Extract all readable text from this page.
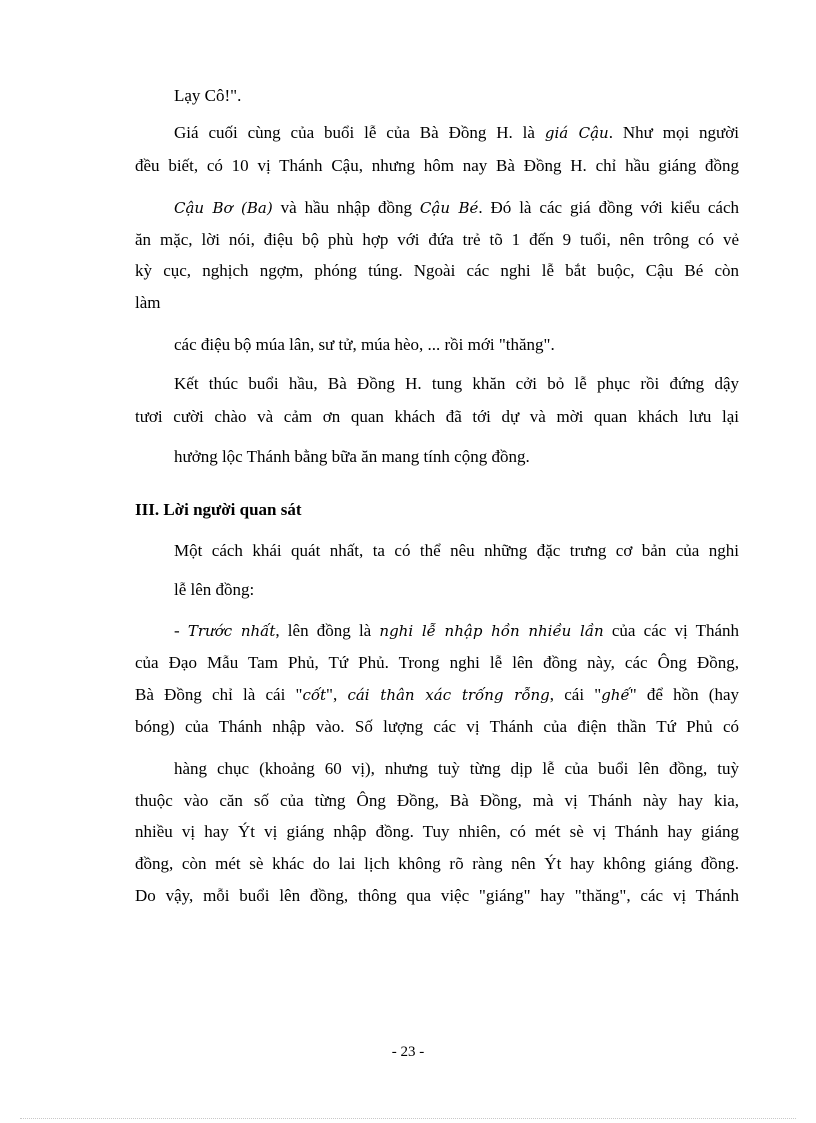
Lạy Cô!".
Giá cuối cùng của buổi lễ của Bà Đồng H. là giá Cậu. Như mọi người
đều biết, có 10 vị Thánh Cậu, nhưng hôm nay Bà Đồng H. chỉ hầu giáng đồng
Cậu Bơ (Ba) và hầu nhập đồng Cậu Bé. Đó là các giá đồng với kiểu cách
ăn mặc, lời nói, điệu bộ phù hợp với đứa trẻ tõ 1 đến 9 tuổi, nên trông có vẻ
kỳ cục, nghịch ngợm, phóng túng. Ngoài các nghi lễ bắt buộc, Cậu Bé còn
làm
các điệu bộ múa lân, sư tử, múa hèo, ... rồi mới "thăng".
Kết thúc buổi hầu, Bà Đồng H. tung khăn cởi bỏ lễ phục rồi đứng dậy
tươi cười chào và cảm ơn quan khách đã tới dự và mời quan khách lưu lại
hưởng lộc Thánh bằng bữa ăn mang tính cộng đồng.
III. Lời người quan sát
Một cách khái quát nhất, ta có thể nêu những đặc trưng cơ bản của nghi
lễ lên đồng:
- Trước nhất, lên đồng là nghi lễ nhập hồn nhiều lần của các vị Thánh
của Đạo Mẫu Tam Phủ, Tứ Phủ. Trong nghi lễ lên đồng này, các Ông Đồng,
Bà Đồng chỉ là cái "cốt", cái thân xác trống rỗng, cái "ghế" để hồn (hay
bóng) của Thánh nhập vào. Số lượng các vị Thánh của điện thần Tứ Phủ có
hàng chục (khoảng 60 vị), nhưng tuỳ từng dịp lễ của buổi lên đồng, tuỳ
thuộc vào căn số của từng Ông Đồng, Bà Đồng, mà vị Thánh này hay kia,
nhiều vị hay Ýt vị giáng nhập đồng. Tuy nhiên, có mét sè vị Thánh hay giáng
đồng, còn mét sè khác do lai lịch không rõ ràng nên Ýt hay không giáng đồng.
Do vậy, mỗi buổi lên đồng, thông qua việc "giáng" hay "thăng", các vị Thánh
- 23 -
